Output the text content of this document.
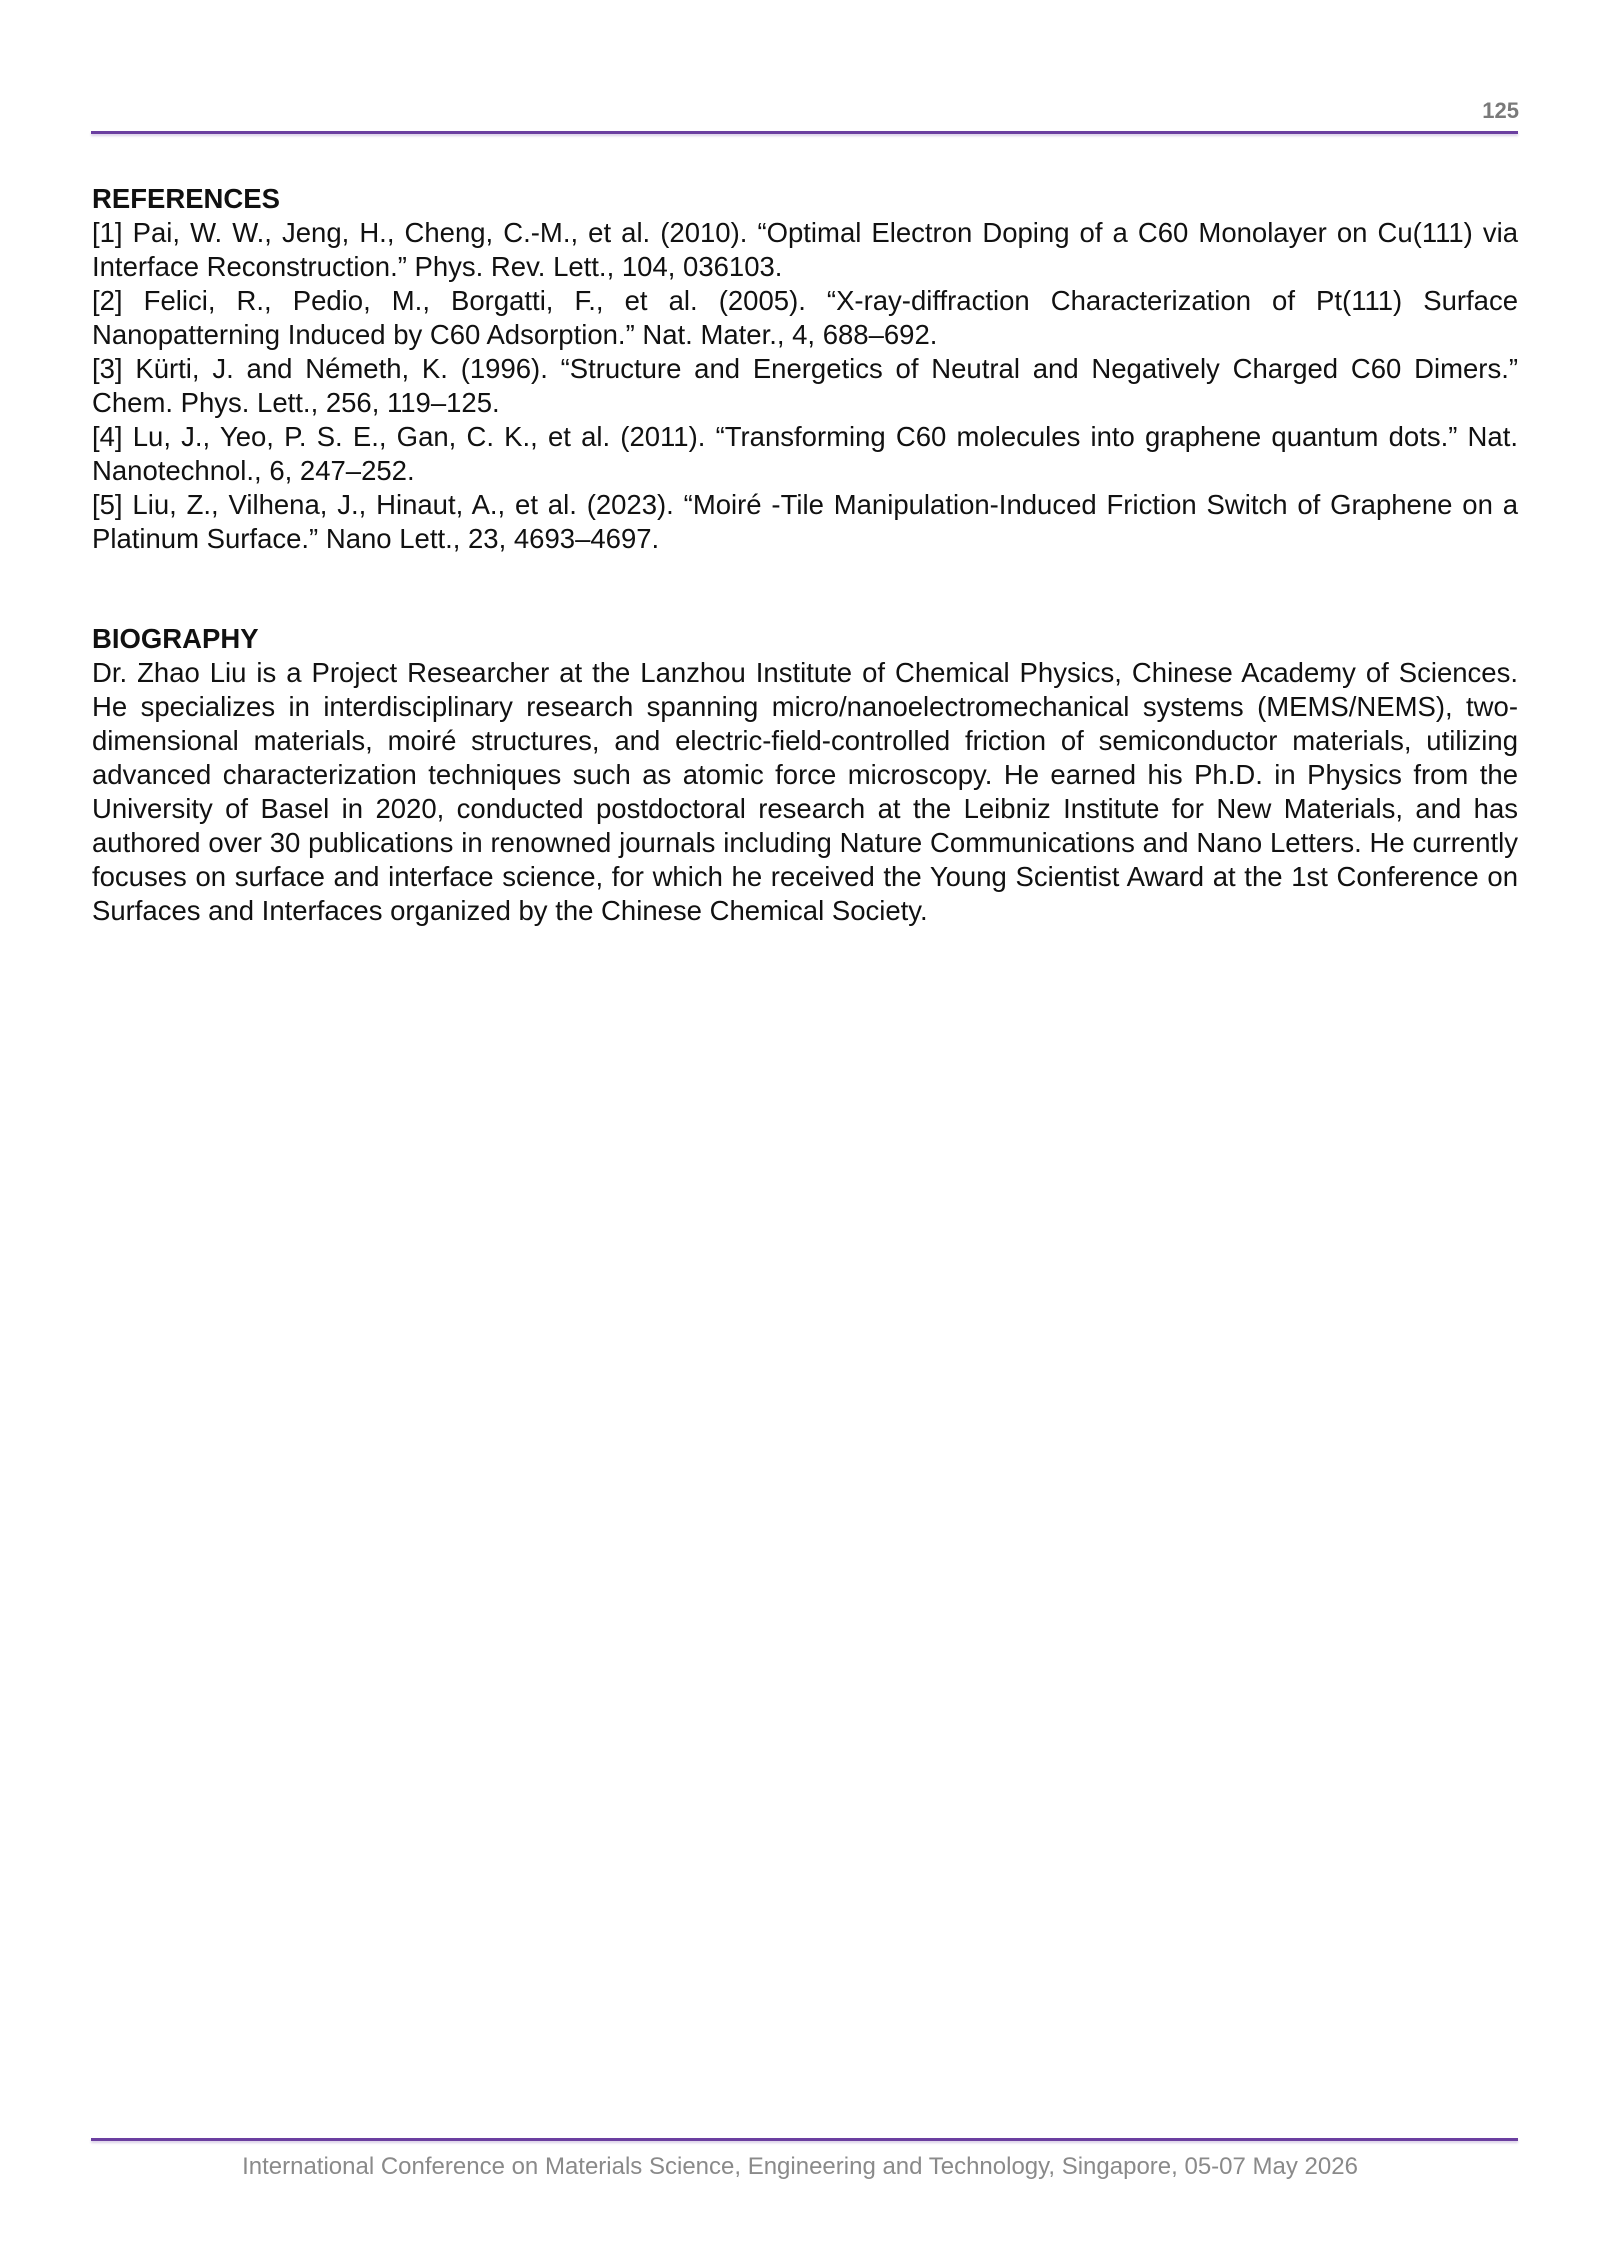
125
REFERENCES
[1] Pai, W. W., Jeng, H., Cheng, C.-M., et al. (2010). “Optimal Electron Doping of a C60 Monolayer on Cu(111) via Interface Reconstruction.” Phys. Rev. Lett., 104, 036103.
[2] Felici, R., Pedio, M., Borgatti, F., et al. (2005). “X-ray-diffraction Characterization of Pt(111) Surface Nanopatterning Induced by C60 Adsorption.” Nat. Mater., 4, 688–692.
[3] Kürti, J. and Németh, K. (1996). “Structure and Energetics of Neutral and Negatively Charged C60 Dimers.” Chem. Phys. Lett., 256, 119–125.
[4] Lu, J., Yeo, P. S. E., Gan, C. K., et al. (2011). “Transforming C60 molecules into graphene quantum dots.” Nat. Nanotechnol., 6, 247–252.
[5] Liu, Z., Vilhena, J., Hinaut, A., et al. (2023). “Moiré -Tile Manipulation-Induced Friction Switch of Graphene on a Platinum Surface.” Nano Lett., 23, 4693–4697.
BIOGRAPHY

Dr. Zhao Liu is a Project Researcher at the Lanzhou Institute of Chemical Physics, Chinese Academy of Sciences. He specializes in interdisciplinary research spanning micro/nanoelectromechanical systems (MEMS/NEMS), two-dimensional materials, moiré structures, and electric-field-controlled friction of semiconductor materials, utilizing advanced characterization techniques such as atomic force microscopy. He earned his Ph.D. in Physics from the University of Basel in 2020, conducted postdoctoral research at the Leibniz Institute for New Materials, and has authored over 30 publications in renowned journals including Nature Communications and Nano Letters. He currently focuses on surface and interface science, for which he received the Young Scientist Award at the 1st Conference on Surfaces and Interfaces organized by the Chinese Chemical Society.

International Conference on Materials Science, Engineering and Technology, Singapore, 05-07 May 2026
